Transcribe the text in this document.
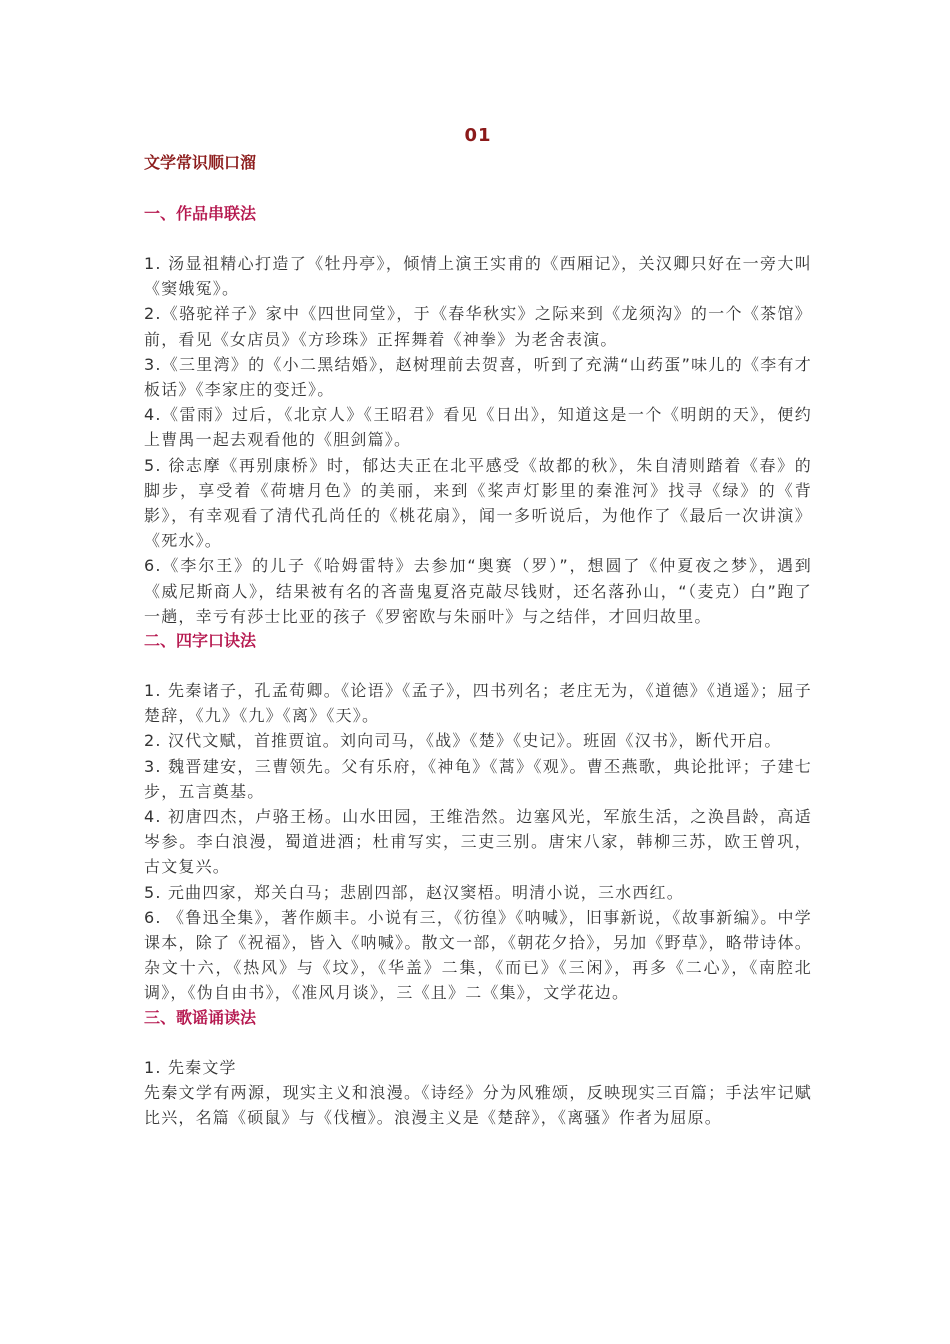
01
文学常识顺口溜
一、作品串联法

1. 汤显祖精心打造了《牡丹亭》，倾情上演王实甫的《西厢记》，关汉卿只好在一旁大叫《窦娥冤》。

2.《骆驼祥子》家中《四世同堂》，于《春华秋实》之际来到《龙须沟》的一个《茶馆》前，看见《女店员》《方珍珠》正挥舞着《神拳》为老舍表演。

3.《三里湾》的《小二黑结婚》，赵树理前去贺喜，听到了充满“山药蛋”味儿的《李有才板话》《李家庄的变迁》。

4.《雷雨》过后，《北京人》《王昭君》看见《日出》，知道这是一个《明朗的天》，便约上曹禺一起去观看他的《胆剑篇》。

5. 徐志摩《再别康桥》时，郁达夫正在北平感受《故都的秋》，朱自清则踏着《春》的脚步，享受着《荷塘月色》的美丽，来到《桨声灯影里的秦淮河》找寻《绿》的《背影》，有幸观看了清代孔尚任的《桃花扇》，闻一多听说后，为他作了《最后一次讲演》《死水》。

6.《李尔王》的儿子《哈姆雷特》去参加“奥赛（罗）”，想圆了《仲夏夜之梦》，遇到《威尼斯商人》，结果被有名的吝啬鬼夏洛克敲尽钱财，还名落孙山，“（麦克）白”跑了一趟，幸亏有莎士比亚的孩子《罗密欧与朱丽叶》与之结伴，才回归故里。

二、四字口诀法

1. 先秦诸子，孔孟荀卿。《论语》《孟子》，四书列名；老庄无为，《道德》《逍遥》；屈子楚辞，《九》《九》《离》《天》。

2. 汉代文赋，首推贾谊。刘向司马，《战》《楚》《史记》。班固《汉书》，断代开启。

3. 魏晋建安，三曹领先。父有乐府，《神龟》《蒿》《观》。曹丕燕歌，典论批评；子建七步，五言奠基。

4. 初唐四杰，卢骆王杨。山水田园，王维浩然。边塞风光，军旅生活，之涣昌龄，高适岑参。李白浪漫，蜀道进酒；杜甫写实，三吏三别。唐宋八家，韩柳三苏，欧王曾巩，古文复兴。

5. 元曲四家，郑关白马；悲剧四部，赵汉窦梧。明清小说，三水西红。

6. 《鲁迅全集》，著作颇丰。小说有三，《彷徨》《呐喊》，旧事新说，《故事新编》。中学课本，除了《祝福》，皆入《呐喊》。散文一部，《朝花夕拾》，另加《野草》，略带诗体。杂文十六，《热风》与《坟》，《华盖》二集，《而已》《三闲》，再多《二心》，《南腔北调》，《伪自由书》，《准风月谈》，三《且》二《集》，文学花边。

三、歌谣诵读法

1. 先秦文学

先秦文学有两源，现实主义和浪漫。《诗经》分为风雅颂，反映现实三百篇；手法牢记赋比兴，名篇《硕鼠》与《伐檀》。浪漫主义是《楚辞》，《离骚》作者为屈原。
